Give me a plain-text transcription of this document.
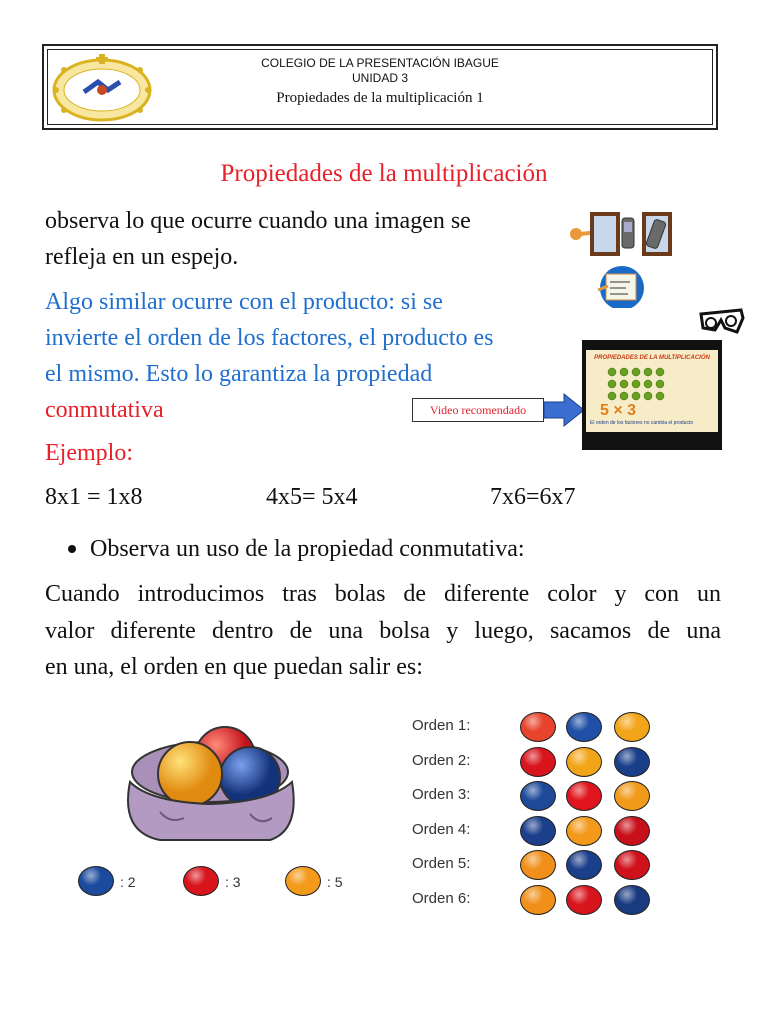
COLEGIO DE LA PRESENTACIÓN IBAGUE
UNIDAD 3
Propiedades de la multiplicación 1
Propiedades de la multiplicación
observa lo que ocurre cuando una imagen se
refleja en un espejo.
Algo similar ocurre con el producto: si se
invierte el orden de los factores, el producto es
el mismo. Esto lo garantiza la propiedad
conmutativa	Video recomendado
PROPIEDADES DE LA MULTIPLICACIÓN
5 × 3
El orden de los factores no cambia el producto
Ejemplo:
8x1 = 1x8	4x5= 5x4	7x6=6x7
Observa un uso de la propiedad conmutativa:
Cuando introducimos tras bolas de diferente color y con un
valor diferente dentro de una bolsa y luego, sacamos de una
en una, el orden en que puedan salir es:
: 2	: 3	: 5
Orden 1:
Orden 2:
Orden 3:
Orden 4:
Orden 5:
Orden 6:
